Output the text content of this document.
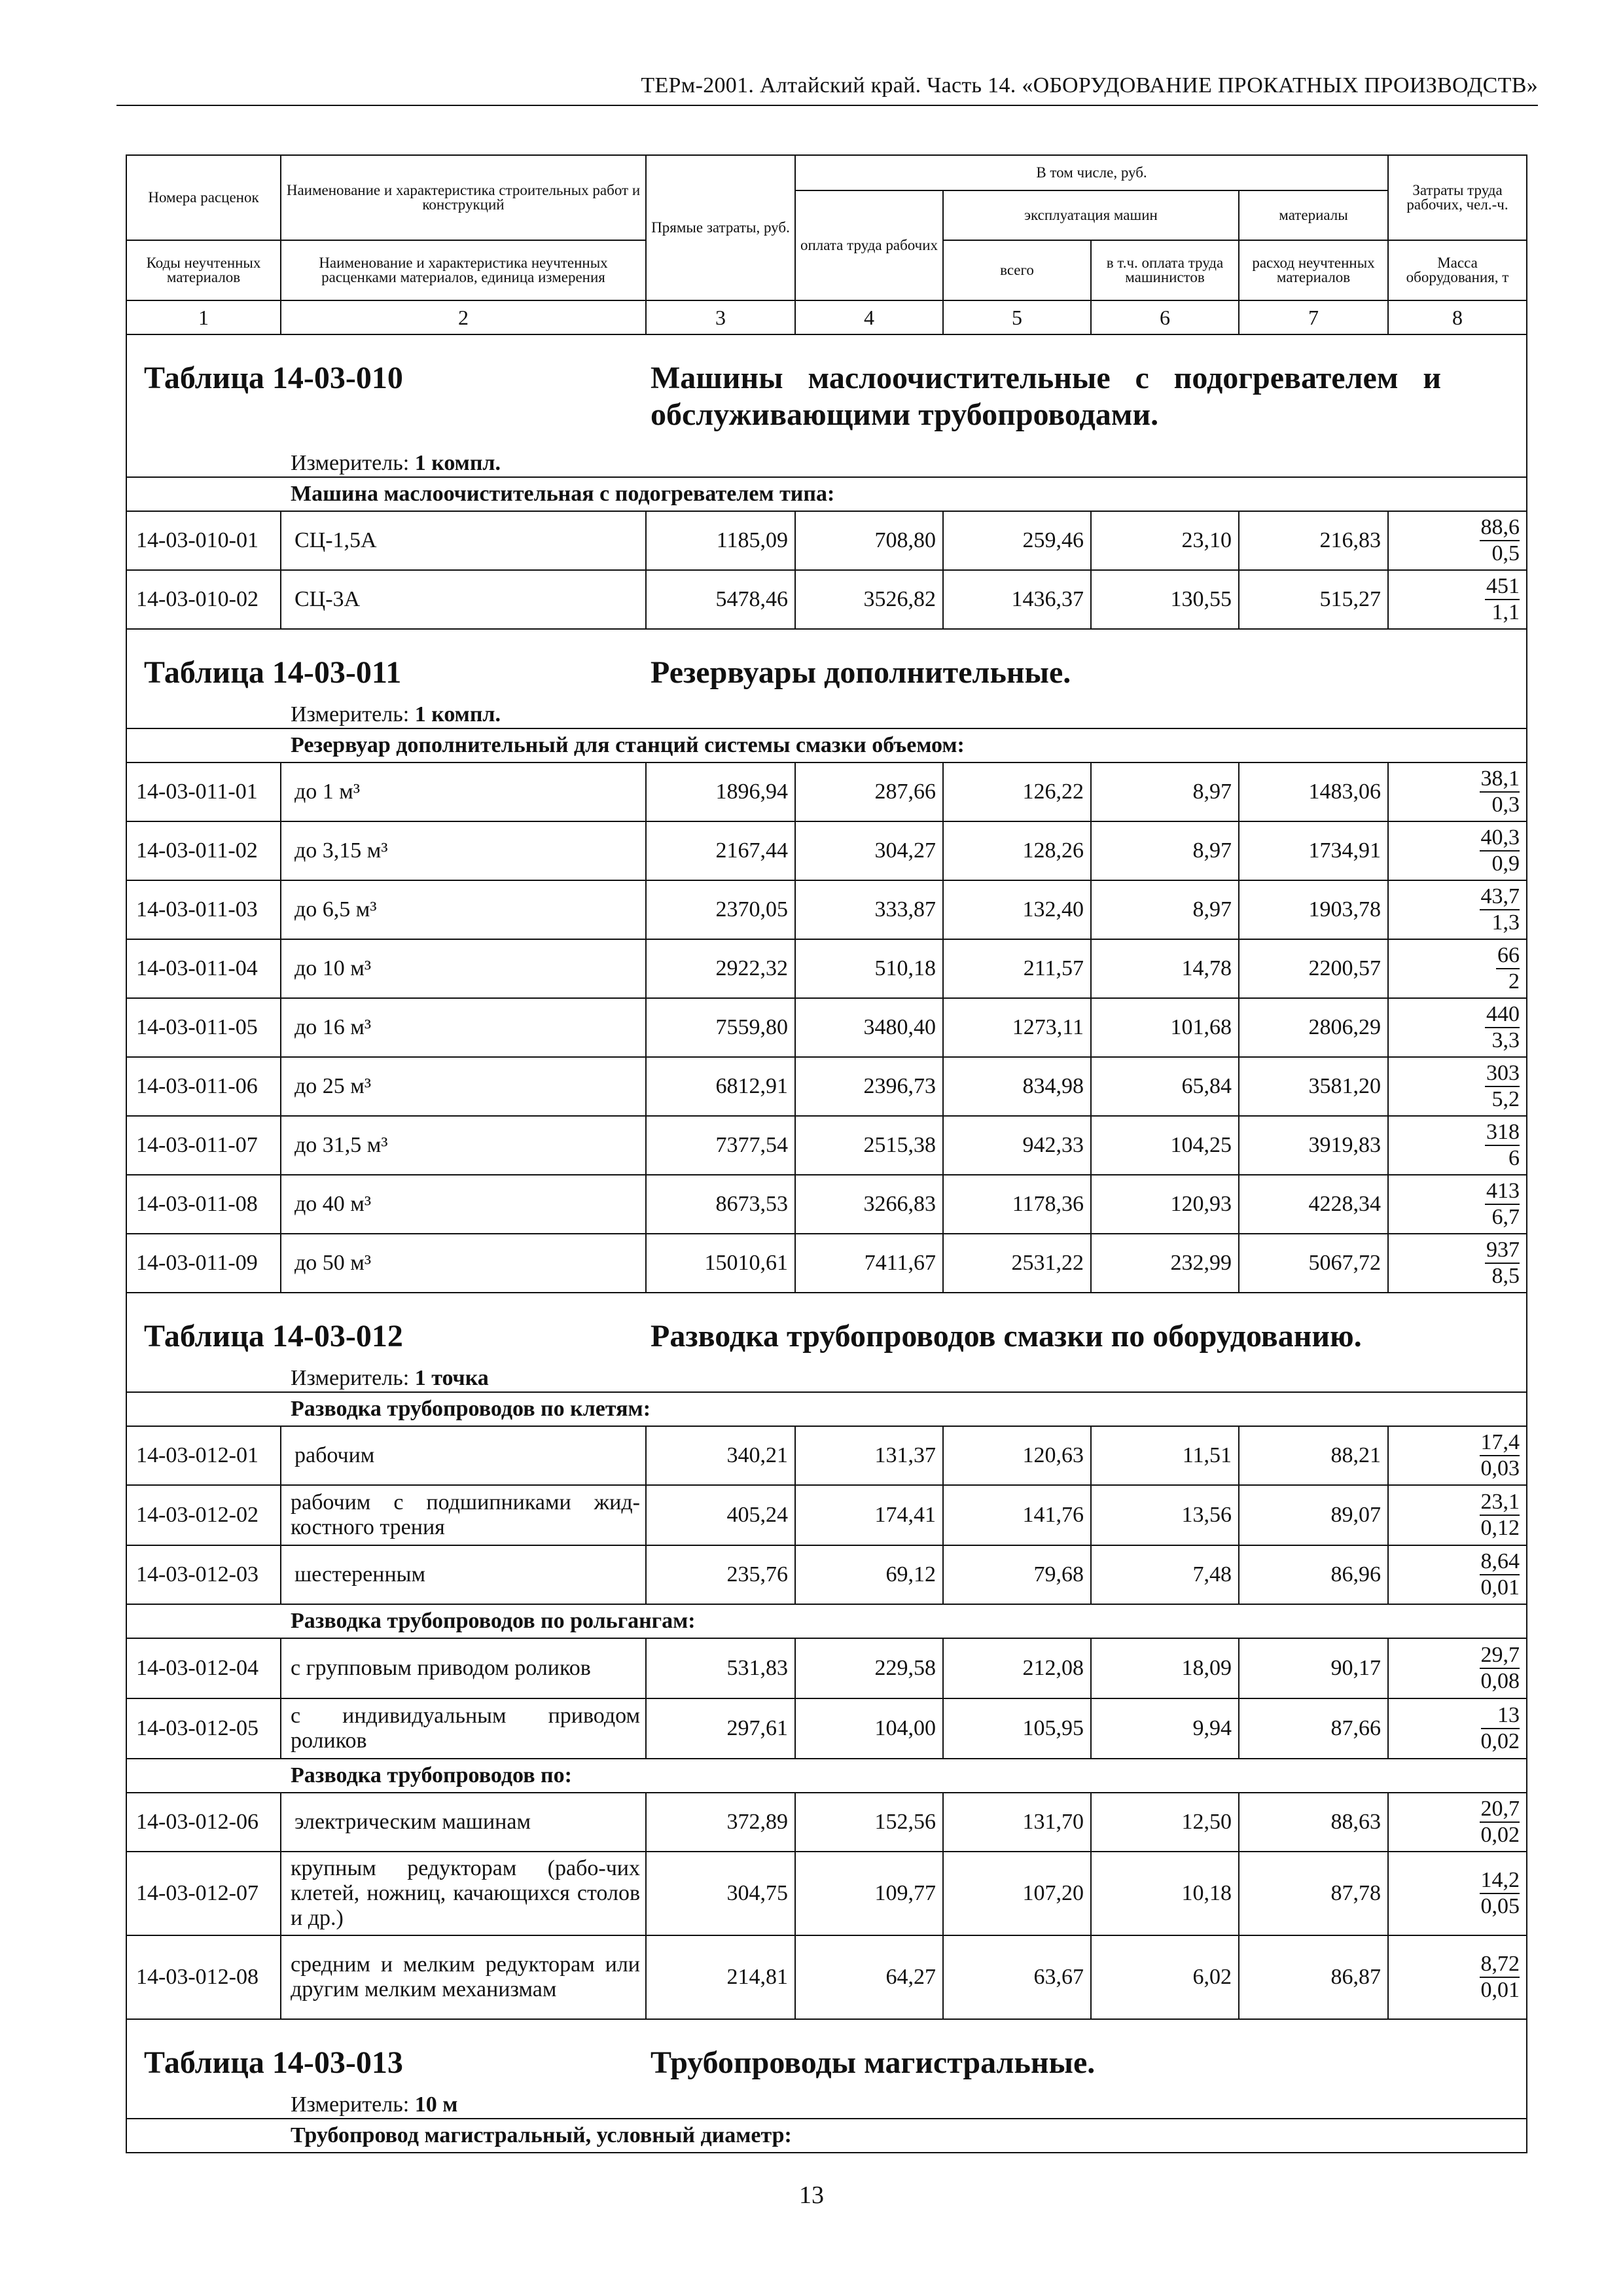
ТЕРм-2001. Алтайский край. Часть 14. «ОБОРУДОВАНИЕ ПРОКАТНЫХ ПРОИЗВОДСТВ»
Номера расценок	Наименование и характеристика строительных работ и конструкций	Прямые затраты, руб.	В том числе, руб.				Затраты труда рабочих, чел.-ч.
			оплата труда рабочих	эксплуатация машин		материалы	
Коды неучтенных материалов	Наименование и характеристика неучтенных расценками материалов, единица измерения			всего	в т.ч. оплата труда машинистов	расход неучтенных материалов	Масса оборудования, т
1	2	3	4	5	6	7	8

Таблица 14-03-010 Машины маслоочистительные с подогревателем и обслуживающими трубопроводами.							

Измеритель: 1 компл.							
Машина маслоочистительная с подогревателем типа:							
14-03-010-01	СЦ-1,5А	1185,09	708,80	259,46	23,10	216,83	$\frac{88,6}{0,5}$

14-03-010-02	СЦ-3А	5478,46	3526,82	1436,37	130,55	515,27	$\frac{451}{1,1}$

Таблица 14-03-011 Резервуары дополнительные.							

Измеритель: 1 компл.							
Резервуар дополнительный для станций системы смазки объемом:							
14-03-011-01	до 1 м³	1896,94	287,66	126,22	8,97	1483,06	$\frac{38,1}{0,3}$

14-03-011-02	до 3,15 м³	2167,44	304,27	128,26	8,97	1734,91	$\frac{40,3}{0,9}$

14-03-011-03	до 6,5 м³	2370,05	333,87	132,40	8,97	1903,78	$\frac{43,7}{1,3}$

14-03-011-04	до 10 м³	2922,32	510,18	211,57	14,78	2200,57	$\frac{66}{2}$

14-03-011-05	до 16 м³	7559,80	3480,40	1273,11	101,68	2806,29	$\frac{440}{3,3}$

14-03-011-06	до 25 м³	6812,91	2396,73	834,98	65,84	3581,20	$\frac{303}{5,2}$

14-03-011-07	до 31,5 м³	7377,54	2515,38	942,33	104,25	3919,83	$\frac{318}{6}$

14-03-011-08	до 40 м³	8673,53	3266,83	1178,36	120,93	4228,34	$\frac{413}{6,7}$

14-03-011-09	до 50 м³	15010,61	7411,67	2531,22	232,99	5067,72	$\frac{937}{8,5}$

Таблица 14-03-012 Разводка трубопроводов смазки по оборудованию.							

Измеритель: 1 точка							
Разводка трубопроводов по клетям:							
14-03-012-01	рабочим	340,21	131,37	120,63	11,51	88,21	$\frac{17,4}{0,03}$

14-03-012-02	рабочим с подшипниками жид-костного трения	405,24	174,41	141,76	13,56	89,07	$\frac{23,1}{0,12}$

14-03-012-03	шестеренным	235,76	69,12	79,68	7,48	86,96	$\frac{8,64}{0,01}$

Разводка трубопроводов по рольгангам:							
14-03-012-04	с групповым приводом роликов	531,83	229,58	212,08	18,09	90,17	$\frac{29,7}{0,08}$

14-03-012-05	с индивидуальным приводом роликов	297,61	104,00	105,95	9,94	87,66	$\frac{13}{0,02}$

Разводка трубопроводов по:							
14-03-012-06	электрическим машинам	372,89	152,56	131,70	12,50	88,63	$\frac{20,7}{0,02}$

14-03-012-07	крупным редукторам (рабо-чих клетей, ножниц, качающихся столов и др.)	304,75	109,77	107,20	10,18	87,78	$\frac{14,2}{0,05}$

14-03-012-08	средним и мелким редукторам или другим мелким механизмам	214,81	64,27	63,67	6,02	86,87	$\frac{8,72}{0,01}$

Таблица 14-03-013 Трубопроводы магистральные.							

Измеритель: 10 м							
Трубопровод магистральный, условный диаметр:							
13
